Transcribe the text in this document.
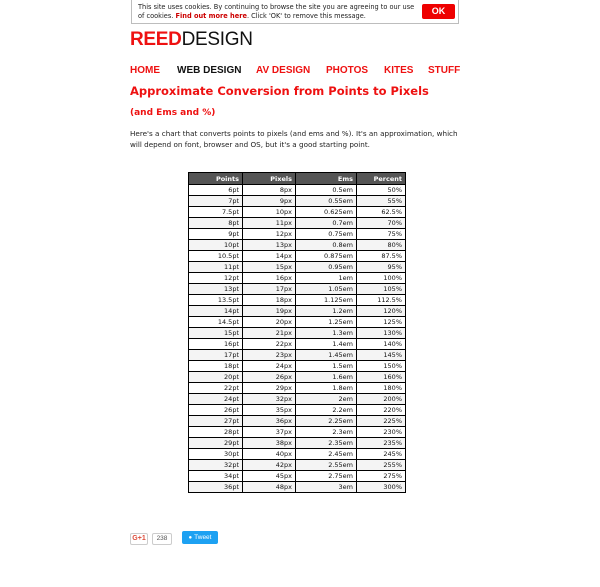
This site uses cookies. By continuing to browse the site you are agreeing to our use of cookies. Find out more here. Click 'OK' to remove this message.	OK
REEDDESIGN
HOME WEB DESIGN AV DESIGN PHOTOS KITES STUFF
Approximate Conversion from Points to Pixels
(and Ems and %)
Here's a chart that converts points to pixels (and ems and %). It's an approximation, which will depend on font, browser and OS, but it's a good starting point.
Points	Pixels	Ems	Percent
6pt	8px	0.5em	50%
7pt	9px	0.55em	55%
7.5pt	10px	0.625em	62.5%
8pt	11px	0.7em	70%
9pt	12px	0.75em	75%
10pt	13px	0.8em	80%
10.5pt	14px	0.875em	87.5%
11pt	15px	0.95em	95%
12pt	16px	1em	100%
13pt	17px	1.05em	105%
13.5pt	18px	1.125em	112.5%
14pt	19px	1.2em	120%
14.5pt	20px	1.25em	125%
15pt	21px	1.3em	130%
16pt	22px	1.4em	140%
17pt	23px	1.45em	145%
18pt	24px	1.5em	150%
20pt	26px	1.6em	160%
22pt	29px	1.8em	180%
24pt	32px	2em	200%
26pt	35px	2.2em	220%
27pt	36px	2.25em	225%
28pt	37px	2.3em	230%
29pt	38px	2.35em	235%
30pt	40px	2.45em	245%
32pt	42px	2.55em	255%
34pt	45px	2.75em	275%
36pt	48px	3em	300%
G+1	238	● Tweet
